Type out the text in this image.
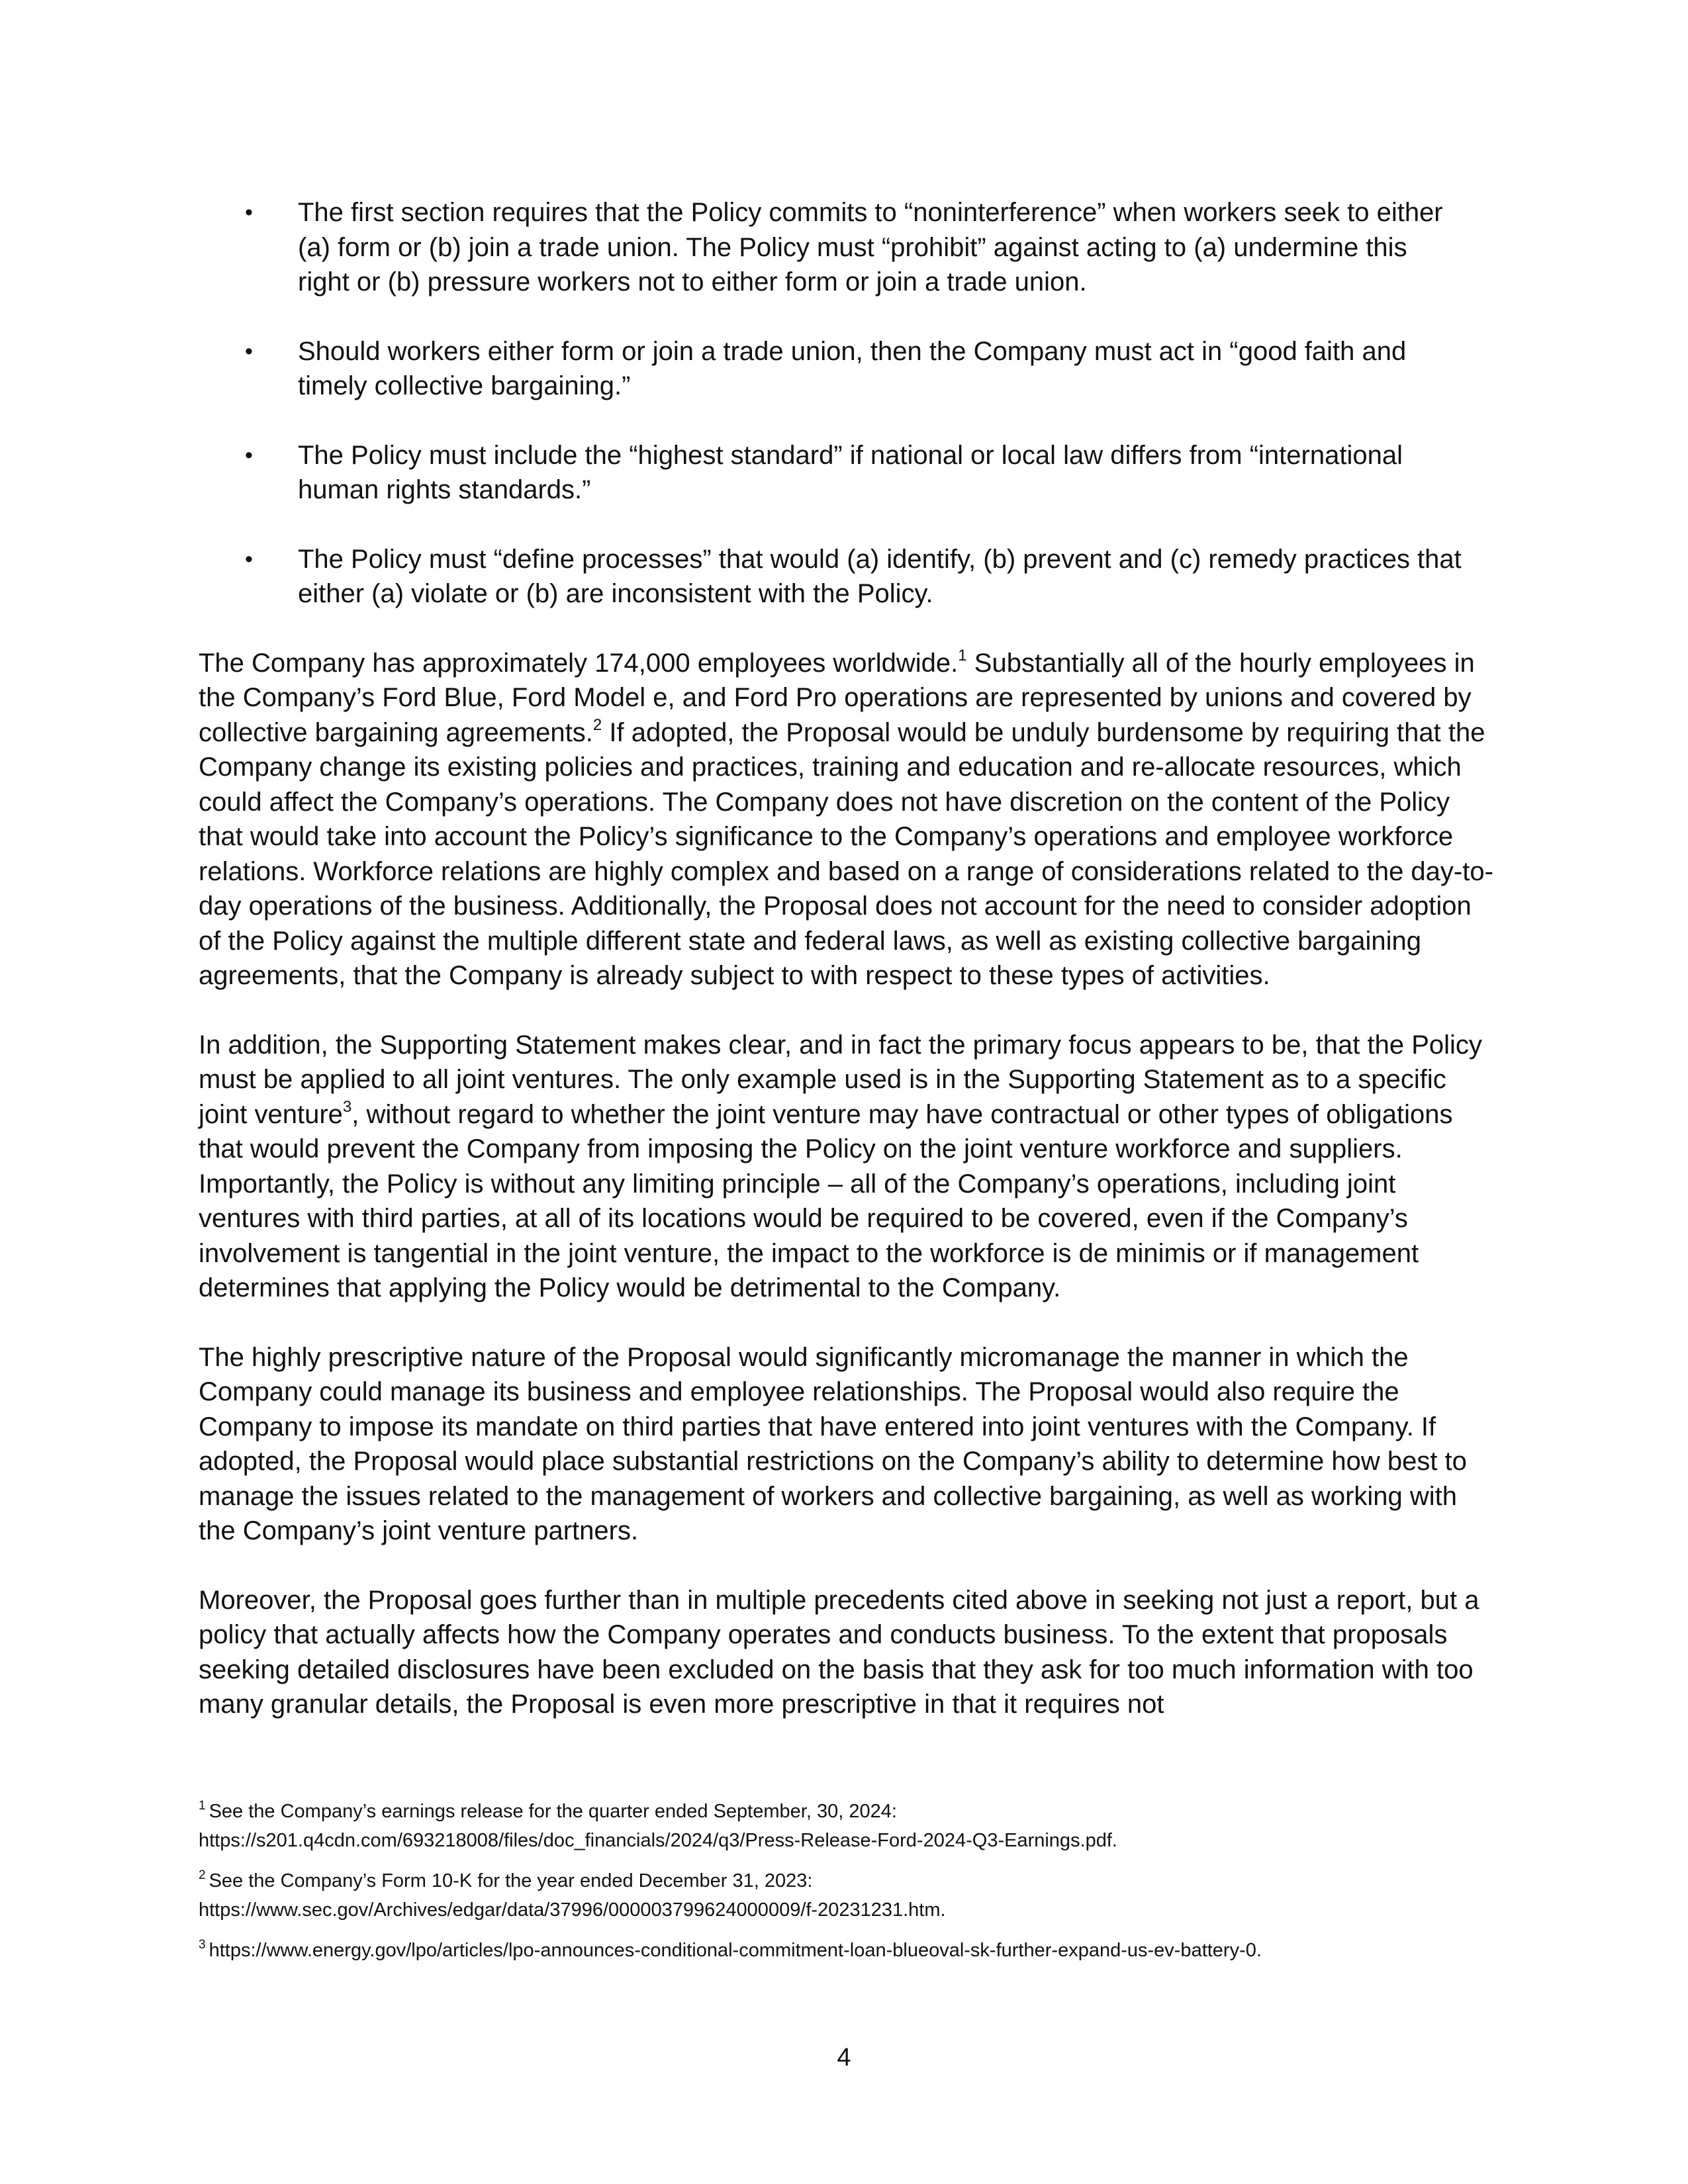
• The first section requires that the Policy commits to “noninterference” when workers seek to either (a) form or (b) join a trade union. The Policy must “prohibit” against acting to (a) undermine this right or (b) pressure workers not to either form or join a trade union.
• Should workers either form or join a trade union, then the Company must act in “good faith and timely collective bargaining.”
• The Policy must include the “highest standard” if national or local law differs from “international human rights standards.”
• The Policy must “define processes” that would (a) identify, (b) prevent and (c) remedy practices that either (a) violate or (b) are inconsistent with the Policy.

The Company has approximately 174,000 employees worldwide.$^1$ Substantially all of the hourly employees in the Company’s Ford Blue, Ford Model e, and Ford Pro operations are represented by unions and covered by collective bargaining agreements.$^2$ If adopted, the Proposal would be unduly burdensome by requiring that the Company change its existing policies and practices, training and education and re-allocate resources, which could affect the Company’s operations. The Company does not have discretion on the content of the Policy that would take into account the Policy’s significance to the Company’s operations and employee workforce relations. Workforce relations are highly complex and based on a range of considerations related to the day-to-day operations of the business. Additionally, the Proposal does not account for the need to consider adoption of the Policy against the multiple different state and federal laws, as well as existing collective bargaining agreements, that the Company is already subject to with respect to these types of activities.

In addition, the Supporting Statement makes clear, and in fact the primary focus appears to be, that the Policy must be applied to all joint ventures. The only example used is in the Supporting Statement as to a specific joint venture$^3$, without regard to whether the joint venture may have contractual or other types of obligations that would prevent the Company from imposing the Policy on the joint venture workforce and suppliers. Importantly, the Policy is without any limiting principle – all of the Company’s operations, including joint ventures with third parties, at all of its locations would be required to be covered, even if the Company’s involvement is tangential in the joint venture, the impact to the workforce is de minimis or if management determines that applying the Policy would be detrimental to the Company.

The highly prescriptive nature of the Proposal would significantly micromanage the manner in which the Company could manage its business and employee relationships. The Proposal would also require the Company to impose its mandate on third parties that have entered into joint ventures with the Company. If adopted, the Proposal would place substantial restrictions on the Company’s ability to determine how best to manage the issues related to the management of workers and collective bargaining, as well as working with the Company’s joint venture partners.

Moreover, the Proposal goes further than in multiple precedents cited above in seeking not just a report, but a policy that actually affects how the Company operates and conducts business. To the extent that proposals seeking detailed disclosures have been excluded on the basis that they ask for too much information with too many granular details, the Proposal is even more prescriptive in that it requires not

$^1$ See the Company’s earnings release for the quarter ended September, 30, 2024:
https://s201.q4cdn.com/693218008/files/doc_financials/2024/q3/Press-Release-Ford-2024-Q3-Earnings.pdf.
$^2$ See the Company’s Form 10-K for the year ended December 31, 2023:
https://www.sec.gov/Archives/edgar/data/37996/000003799624000009/f-20231231.htm.
$^3$ https://www.energy.gov/lpo/articles/lpo-announces-conditional-commitment-loan-blueoval-sk-further-expand-us-ev-battery-0.
4
